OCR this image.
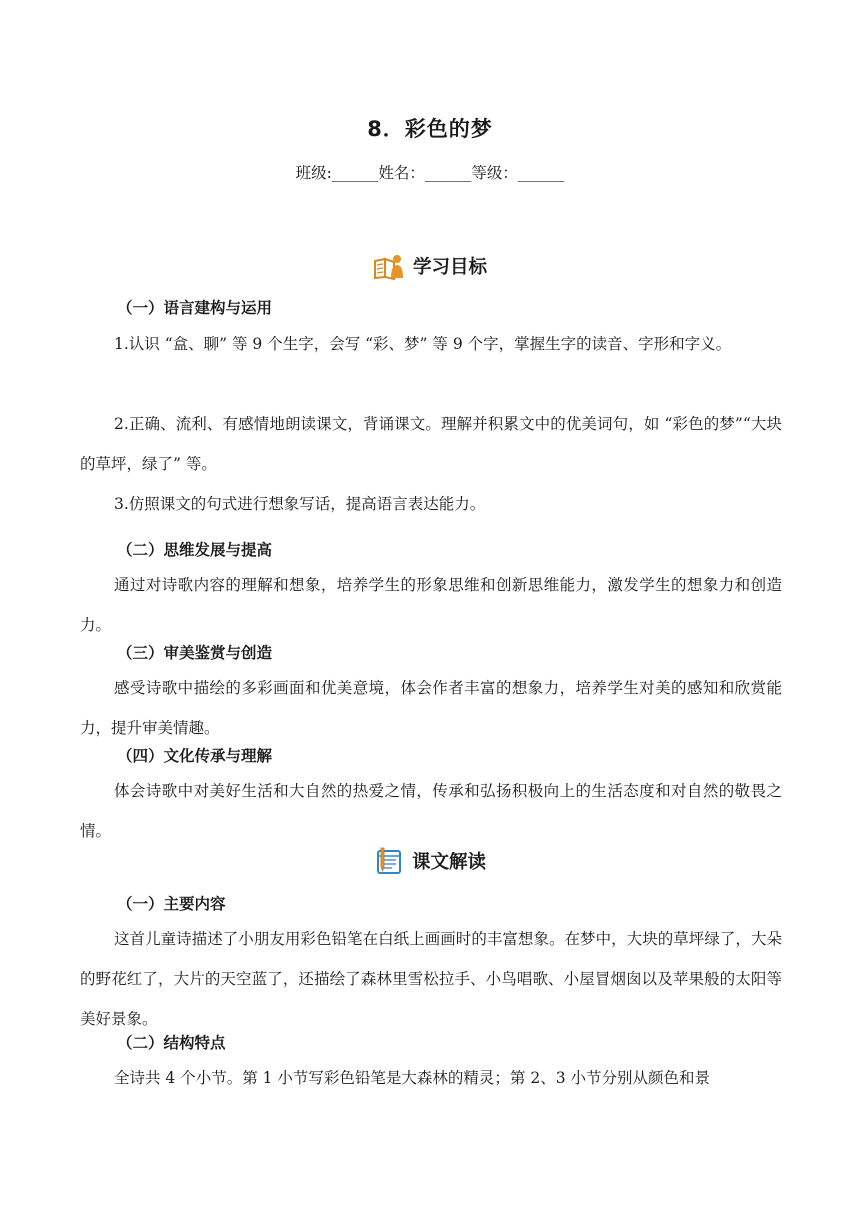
8．彩色的梦
班级:______姓名：______等级：______
学习目标
（一）语言建构与运用

1.认识 “盒、聊” 等 9 个生字，会写 “彩、梦” 等 9 个字，掌握生字的读音、字形和字义。

2.正确、流利、有感情地朗读课文，背诵课文。理解并积累文中的优美词句，如 “彩色的梦”“大块的草坪，绿了” 等。

3.仿照课文的句式进行想象写话，提高语言表达能力。

（二）思维发展与提高

通过对诗歌内容的理解和想象，培养学生的形象思维和创新思维能力，激发学生的想象力和创造力。

（三）审美鉴赏与创造

感受诗歌中描绘的多彩画面和优美意境，体会作者丰富的想象力，培养学生对美的感知和欣赏能力，提升审美情趣。

（四）文化传承与理解

体会诗歌中对美好生活和大自然的热爱之情，传承和弘扬积极向上的生活态度和对自然的敬畏之情。

课文解读
（一）主要内容

这首儿童诗描述了小朋友用彩色铅笔在白纸上画画时的丰富想象。在梦中，大块的草坪绿了，大朵的野花红了，大片的天空蓝了，还描绘了森林里雪松拉手、小鸟唱歌、小屋冒烟囱以及苹果般的太阳等美好景象。

（二）结构特点

全诗共 4 个小节。第 1 小节写彩色铅笔是大森林的精灵；第 2、3 小节分别从颜色和景
